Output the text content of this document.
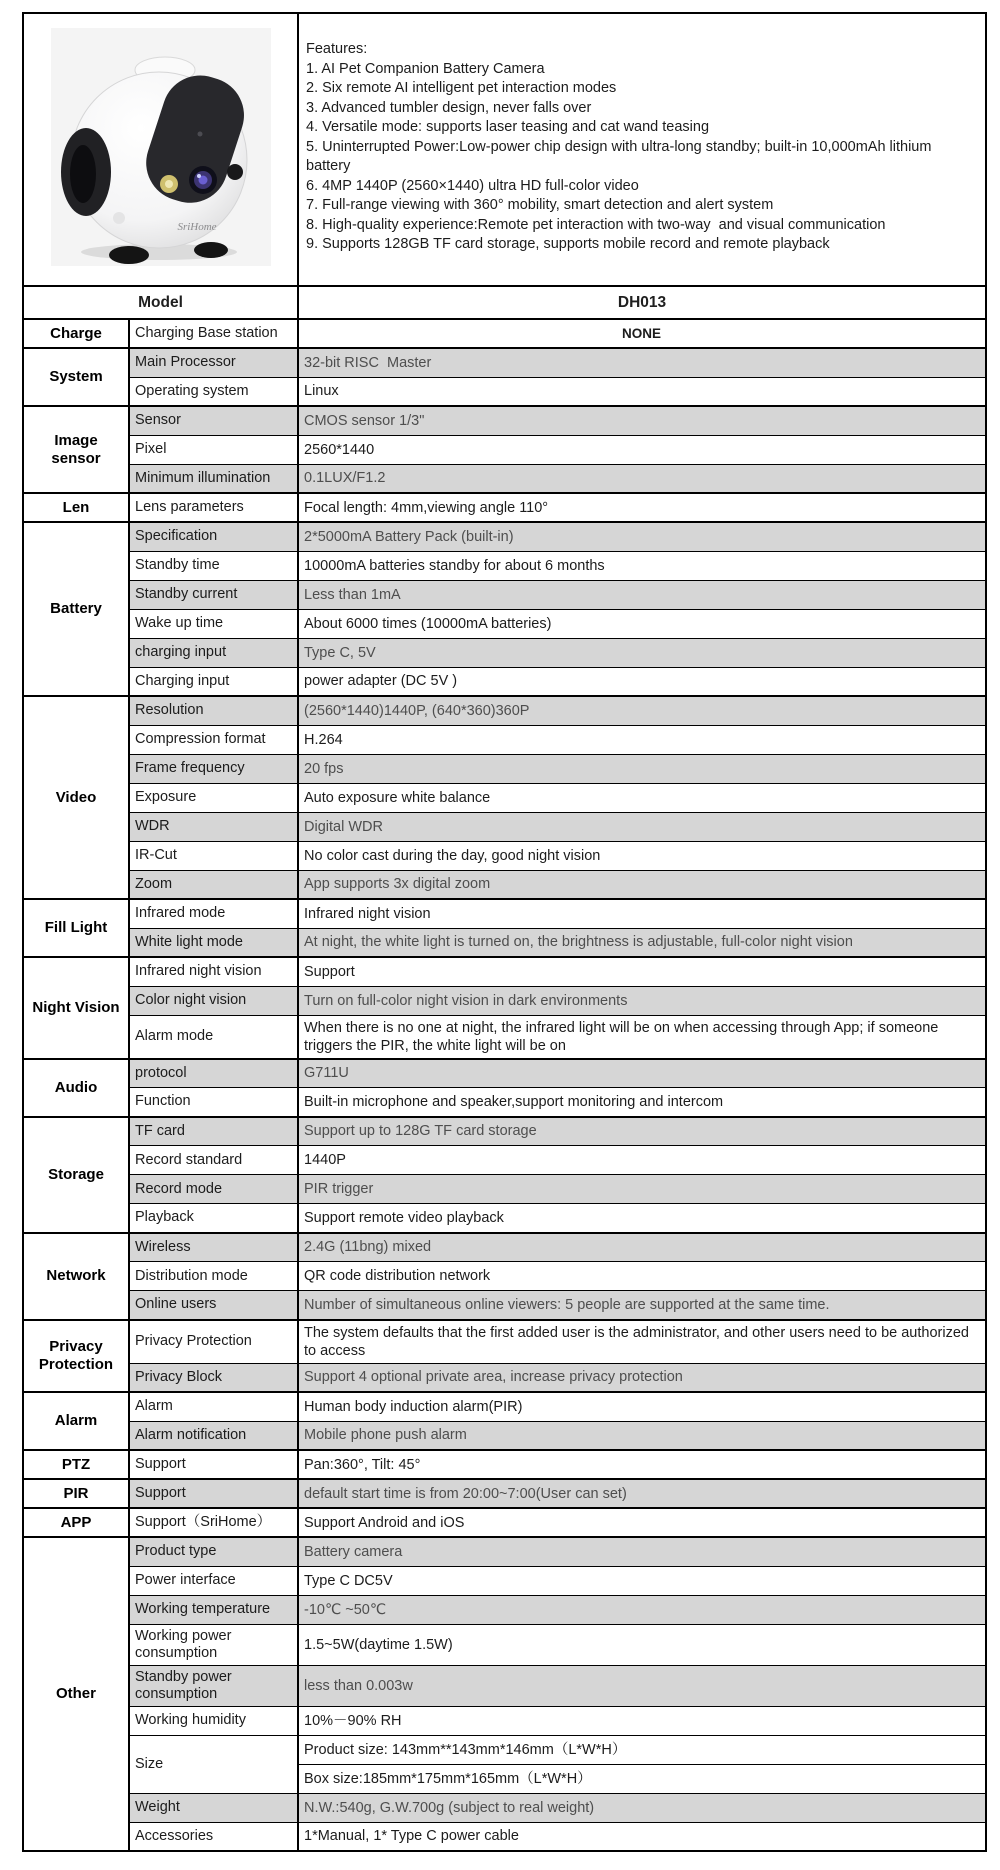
SriHome

Features:
1. AI Pet Companion Battery Camera
2. Six remote AI intelligent pet interaction modes
3. Advanced tumbler design, never falls over
4. Versatile mode: supports laser teasing and cat wand teasing
5. Uninterrupted Power:Low-power chip design with ultra-long standby; built-in 10,000mAh lithium battery
6. 4MP 1440P (2560×1440) ultra HD full-color video
7. Full-range viewing with 360° mobility, smart detection and alert system
8. High-quality experience:Remote pet interaction with two-way  and visual communication
9. Supports 128GB TF card storage, supports mobile record and remote playback

Model		DH013
Charge	Charging Base station	NONE
System	Main Processor	32-bit RISC  Master
	Operating system	Linux
Image sensor	Sensor	CMOS sensor 1/3"
	Pixel	2560*1440
	Minimum illumination	0.1LUX/F1.2
Len	Lens parameters	Focal length: 4mm,viewing angle 110°
Battery	Specification	2*5000mA Battery Pack (built-in)
	Standby time	10000mA batteries standby for about 6 months
	Standby current	Less than 1mA
	Wake up time	About 6000 times (10000mA batteries)
	charging input	Type C, 5V
	Charging input	power adapter (DC 5V )
Video	Resolution	(2560*1440)1440P, (640*360)360P
	Compression format	H.264
	Frame frequency	20 fps
	Exposure	Auto exposure white balance
	WDR	Digital WDR
	IR-Cut	No color cast during the day, good night vision
	Zoom	App supports 3x digital zoom
Fill Light	Infrared mode	Infrared night vision
	White light mode	At night, the white light is turned on, the brightness is adjustable, full-color night vision
Night Vision	Infrared night vision	Support
	Color night vision	Turn on full-color night vision in dark environments
	Alarm mode	When there is no one at night, the infrared light will be on when accessing through App; if someone triggers the PIR, the white light will be on
Audio	protocol	G711U
	Function	Built-in microphone and speaker,support monitoring and intercom
Storage	TF card	Support up to 128G TF card storage
	Record standard	1440P
	Record mode	PIR trigger
	Playback	Support remote video playback
Network	Wireless	2.4G (11bng) mixed
	Distribution mode	QR code distribution network
	Online users	Number of simultaneous online viewers: 5 people are supported at the same time.
Privacy Protection	Privacy Protection	The system defaults that the first added user is the administrator, and other users need to be authorized to access
	Privacy Block	Support 4 optional private area, increase privacy protection
Alarm	Alarm	Human body induction alarm(PIR)
	Alarm notification	Mobile phone push alarm
PTZ	Support	Pan:360°, Tilt: 45°
PIR	Support	default start time is from 20:00~7:00(User can set)
APP	Support（SriHome）	Support Android and iOS
Other	Product type	Battery camera
	Power interface	Type C DC5V
	Working temperature	-10℃ ~50℃
	Working power consumption	1.5~5W(daytime 1.5W)
	Standby power consumption	less than 0.003w
	Working humidity	10%－90% RH
	Size	Product size: 143mm**143mm*146mm（L*W*H）
		Box size:185mm*175mm*165mm（L*W*H）
	Weight	N.W.:540g, G.W.700g (subject to real weight)
	Accessories	1*Manual, 1* Type C power cable
